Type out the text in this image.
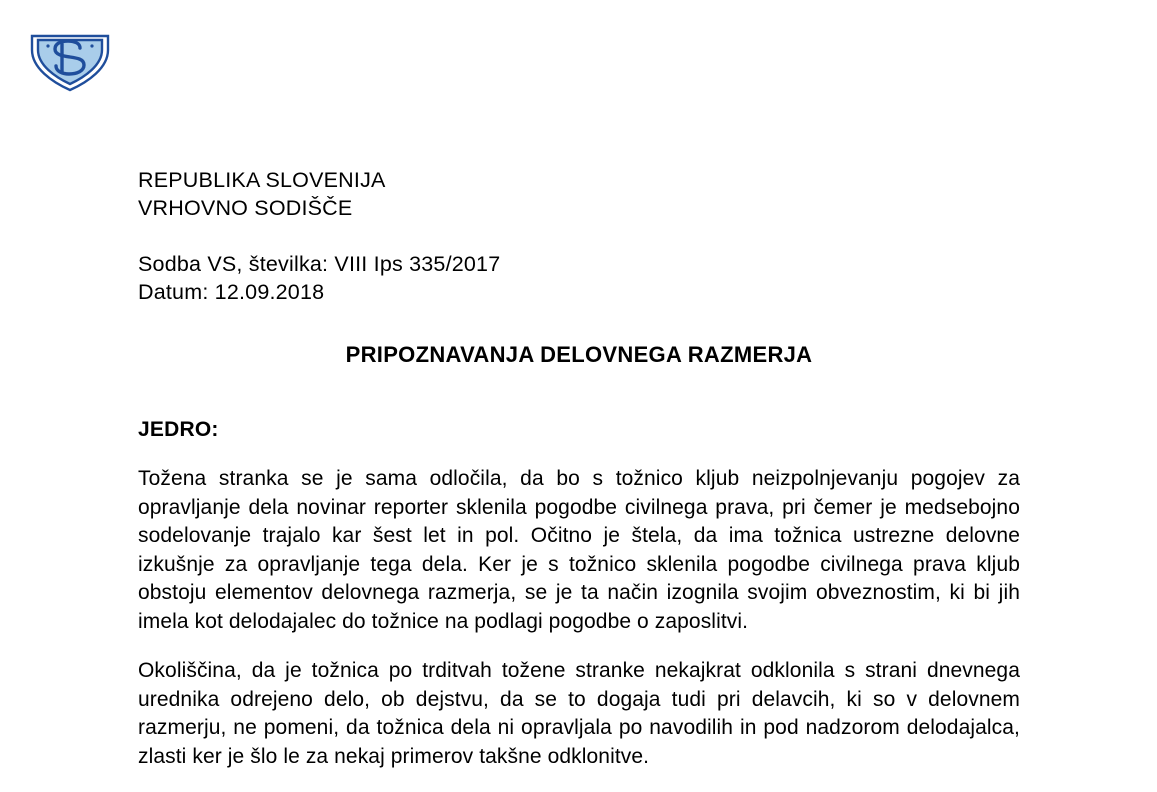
REPUBLIKA SLOVENIJA
VRHOVNO SODIŠČE
Sodba VS, številka: VIII Ips 335/2017
Datum: 12.09.2018
PRIPOZNAVANJA DELOVNEGA RAZMERJA
JEDRO:

Tožena stranka se je sama odločila, da bo s tožnico kljub neizpolnjevanju pogojev za opravljanje dela novinar reporter sklenila pogodbe civilnega prava, pri čemer je medsebojno sodelovanje trajalo kar šest let in pol. Očitno je štela, da ima tožnica ustrezne delovne izkušnje za opravljanje tega dela. Ker je s tožnico sklenila pogodbe civilnega prava kljub obstoju elementov delovnega razmerja, se je ta način izognila svojim obveznostim, ki bi jih imela kot delodajalec do tožnice na podlagi pogodbe o zaposlitvi.

Okoliščina, da je tožnica po trditvah tožene stranke nekajkrat odklonila s strani dnevnega urednika odrejeno delo, ob dejstvu, da se to dogaja tudi pri delavcih, ki so v delovnem razmerju, ne pomeni, da tožnica dela ni opravljala po navodilih in pod nadzorom delodajalca, zlasti ker je šlo le za nekaj primerov takšne odklonitve.
